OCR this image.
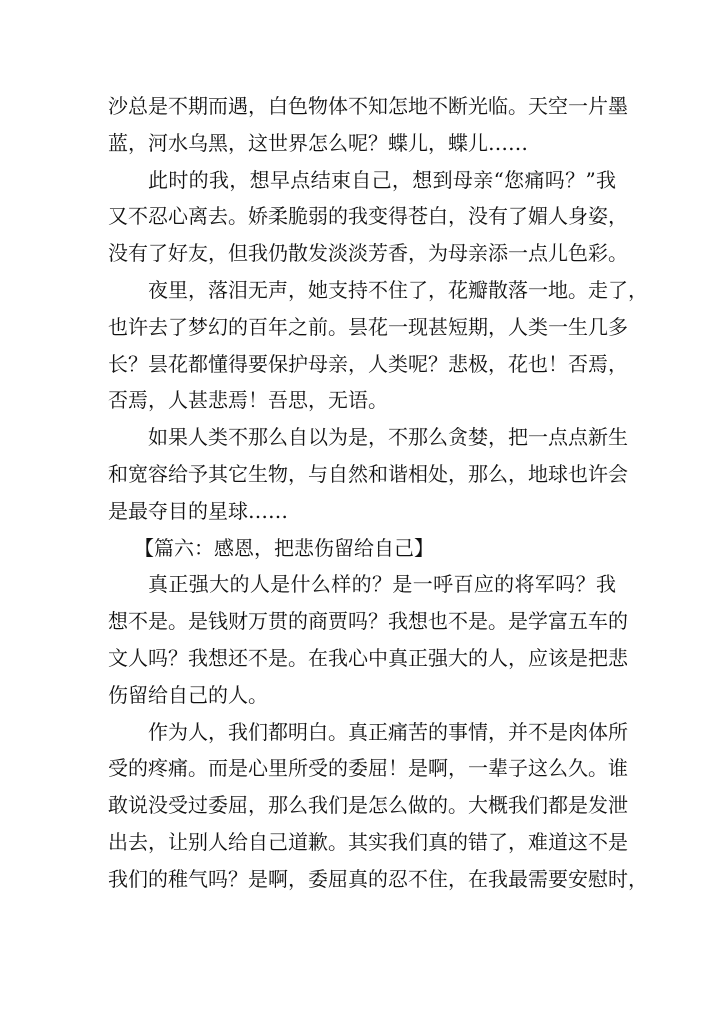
沙总是不期而遇，白色物体不知怎地不断光临。天空一片墨

蓝，河水乌黑，这世界怎么呢？蝶儿，蝶儿……

此时的我，想早点结束自己，想到母亲“您痛吗？”我

又不忍心离去。娇柔脆弱的我变得苍白，没有了媚人身姿，

没有了好友，但我仍散发淡淡芳香，为母亲添一点儿色彩。

夜里，落泪无声，她支持不住了，花瓣散落一地。走了，

也许去了梦幻的百年之前。昙花一现甚短期，人类一生几多

长？昙花都懂得要保护母亲，人类呢？悲极，花也！否焉，

否焉，人甚悲焉！吾思，无语。

如果人类不那么自以为是，不那么贪婪，把一点点新生

和宽容给予其它生物，与自然和谐相处，那么，地球也许会

是最夺目的星球……

【篇六：感恩，把悲伤留给自己】

真正强大的人是什么样的？是一呼百应的将军吗？我

想不是。是钱财万贯的商贾吗？我想也不是。是学富五车的

文人吗？我想还不是。在我心中真正强大的人，应该是把悲

伤留给自己的人。

作为人，我们都明白。真正痛苦的事情，并不是肉体所

受的疼痛。而是心里所受的委屈！是啊，一辈子这么久。谁

敢说没受过委屈，那么我们是怎么做的。大概我们都是发泄

出去，让别人给自己道歉。其实我们真的错了，难道这不是

我们的稚气吗？是啊，委屈真的忍不住，在我最需要安慰时，
